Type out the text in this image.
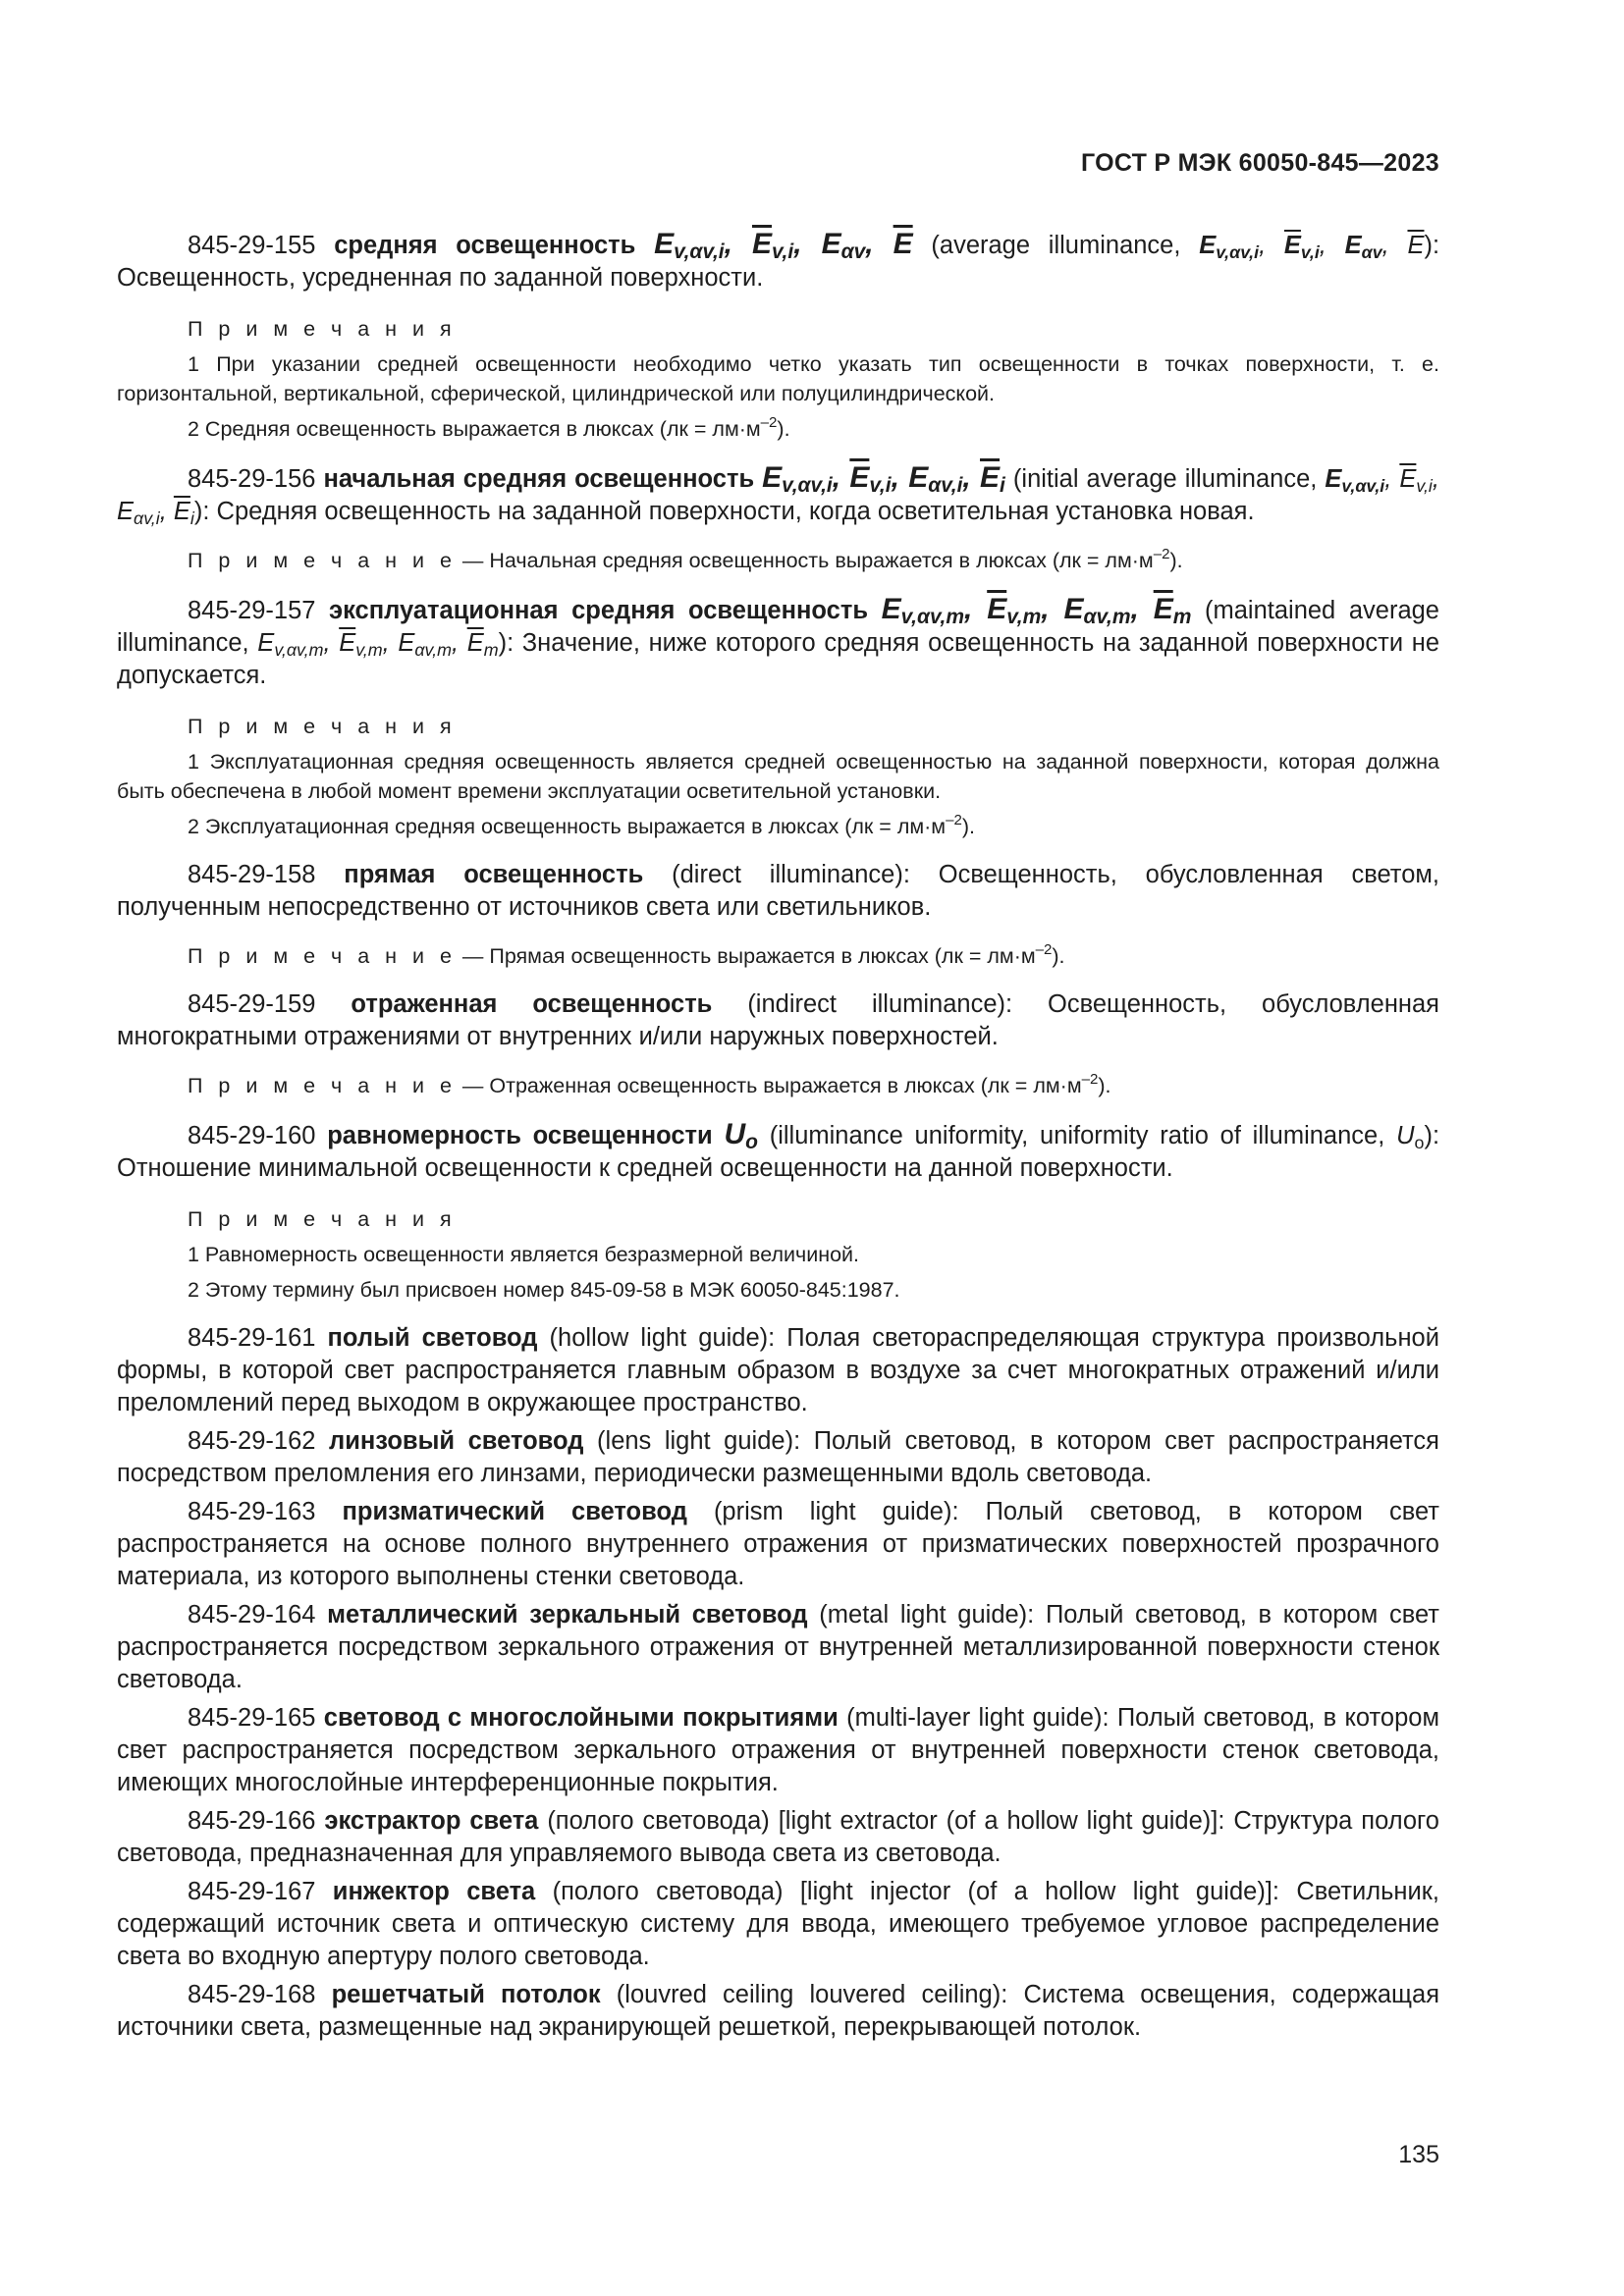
ГОСТ Р МЭК 60050-845—2023

845-29-155 средняя освещенность $E_{v,\alpha v,i}$, $\overline{E}_{v,i}$, $E_{\alpha v}$, $\overline{E}$ (average illuminance, $E_{v,\alpha v,i}$, $\overline{E}_{v,i}$, $E_{\alpha v}$, $\overline{E}$): Освещенность, усредненная по заданной поверхности.

П р и м е ч а н и я

1 При указании средней освещенности необходимо четко указать тип освещенности в точках поверхности, т. е. горизонтальной, вертикальной, сферической, цилиндрической или полуцилиндрической.

2 Средняя освещенность выражается в люксах $(лк = лм\cdot м^{-2})$.

845-29-156 начальная средняя освещенность $E_{v,\alpha v,i}$, $\overline{E}_{v,i}$, $E_{\alpha v,i}$, $\overline{E}_i$ (initial average illuminance, $E_{v,\alpha v,i}$, $\overline{E}_{v,i}$, $E_{\alpha v,i}$, $\overline{E}_i$): Средняя освещенность на заданной поверхности, когда осветительная установка новая.

П р и м е ч а н и е — Начальная средняя освещенность выражается в люксах $(лк = лм\cdot м^{-2})$.

845-29-157 эксплуатационная средняя освещенность $E_{v,\alpha v,m}$, $\overline{E}_{v,m}$, $E_{\alpha v,m}$, $\overline{E}_m$ (maintained average illuminance, $E_{v,\alpha v,m}$, $\overline{E}_{v,m}$, $E_{\alpha v,m}$, $\overline{E}_m$): Значение, ниже которого средняя освещенность на заданной поверхности не допускается.

П р и м е ч а н и я

1 Эксплуатационная средняя освещенность является средней освещенностью на заданной поверхности, которая должна быть обеспечена в любой момент времени эксплуатации осветительной установки.

2 Эксплуатационная средняя освещенность выражается в люксах $(лк = лм\cdot м^{-2})$.

845-29-158 прямая освещенность (direct illuminance): Освещенность, обусловленная светом, полученным непосредственно от источников света или светильников.

П р и м е ч а н и е — Прямая освещенность выражается в люксах $(лк = лм\cdot м^{-2})$.

845-29-159 отраженная освещенность (indirect illuminance): Освещенность, обусловленная многократными отражениями от внутренних и/или наружных поверхностей.

П р и м е ч а н и е — Отраженная освещенность выражается в люксах $(лк = лм\cdot м^{-2})$.

845-29-160 равномерность освещенности $U_o$ (illuminance uniformity, uniformity ratio of illuminance, $U_o$): Отношение минимальной освещенности к средней освещенности на данной поверхности.

П р и м е ч а н и я

1 Равномерность освещенности является безразмерной величиной.

2 Этому термину был присвоен номер 845-09-58 в МЭК 60050-845:1987.

845-29-161 полый световод (hollow light guide): Полая светораспределяющая структура произвольной формы, в которой свет распространяется главным образом в воздухе за счет многократных отражений и/или преломлений перед выходом в окружающее пространство.

845-29-162 линзовый световод (lens light guide): Полый световод, в котором свет распространяется посредством преломления его линзами, периодически размещенными вдоль световода.

845-29-163 призматический световод (prism light guide): Полый световод, в котором свет распространяется на основе полного внутреннего отражения от призматических поверхностей прозрачного материала, из которого выполнены стенки световода.

845-29-164 металлический зеркальный световод (metal light guide): Полый световод, в котором свет распространяется посредством зеркального отражения от внутренней металлизированной поверхности стенок световода.

845-29-165 световод с многослойными покрытиями (multi-layer light guide): Полый световод, в котором свет распространяется посредством зеркального отражения от внутренней поверхности стенок световода, имеющих многослойные интерференционные покрытия.

845-29-166 экстрактор света (полого световода) [light extractor (of a hollow light guide)]: Структура полого световода, предназначенная для управляемого вывода света из световода.

845-29-167 инжектор света (полого световода) [light injector (of a hollow light guide)]: Светильник, содержащий источник света и оптическую систему для ввода, имеющего требуемое угловое распределение света во входную апертуру полого световода.

845-29-168 решетчатый потолок (louvred ceiling louvered ceiling): Система освещения, содержащая источники света, размещенные над экранирующей решеткой, перекрывающей потолок.

135
